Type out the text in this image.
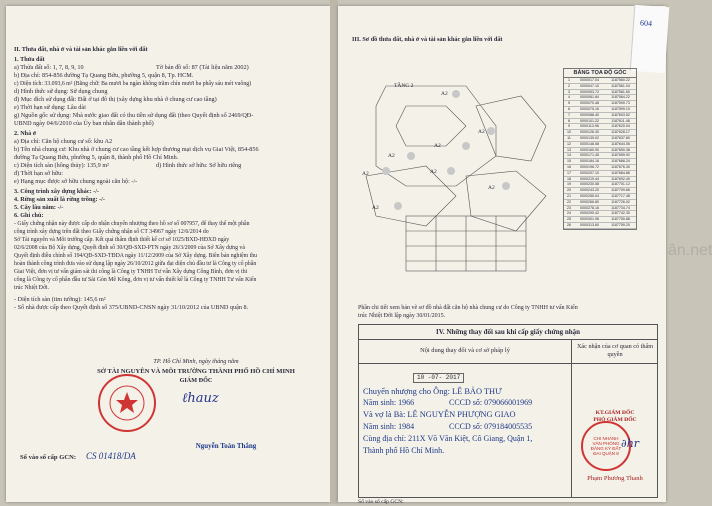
II. Thửa đất, nhà ở và tài sản khác gắn liền với đất
1. Thửa đất
a) Thửa đất số: 1, 7, 8, 9, 10	Tờ bản đồ số: 87 (Tài liệu năm 2002)
b) Địa chỉ: 854-856 đường Tạ Quang Bửu, phường 5, quận 8, Tp. HCM.
c) Diện tích: 33.093,6 m² (Bằng chữ: Ba mươi ba ngàn không trăm chín mươi ba phẩy sáu mét vuông)
d) Hình thức sử dụng: Sử dụng chung
đ) Mục đích sử dụng đất: Đất ở tại đô thị (xây dựng khu nhà ở chung cư cao tầng)
e) Thời hạn sử dụng: Lâu dài
g) Nguồn gốc sử dụng: Nhà nước giao đất có thu tiền sử dụng đất (theo Quyết định số 2469/QĐ-
UBND ngày 04/6/2010 của Ủy ban nhân dân thành phố)
2. Nhà ở
a) Địa chỉ: Căn hộ chung cư số: khu A2
b) Tên nhà chung cư: Khu nhà ở chung cư cao tầng kết hợp thương mại dịch vụ Giai Việt, 854-856
đường Tạ Quang Bửu, phường 5, quận 8, thành phố Hồ Chí Minh.
c) Diện tích sàn (hông thủy): 135,9 m²	d) Hình thức sở hữu: Sở hữu riêng
đ) Thời hạn sở hữu:
e) Hạng mục được sở hữu chung ngoài căn hộ: -/-
3. Công trình xây dựng khác: -/-
4. Rừng sản xuất là rừng trồng: -/-
5. Cây lâu năm: -/-
6. Ghi chú:
- Giấy chứng nhận này được cấp do nhận chuyển nhượng theo hồ sơ số 007957, để thay thế một phần
công trình xây dựng trên đất theo Giấy chứng nhận số CT 34967 ngày 12/6/2014 do
Sở Tài nguyên và Môi trường cấp. Kết quả thẩm định thiết kế cơ sở 1025/BXD-HĐXD ngày
02/6/2008 của Bộ Xây dựng, Quyết định số 30/QĐ-SXD-PTN ngày 26/3/2009 của Sở Xây dựng và
Quyết định điều chỉnh số 194/QĐ-SXD-TĐDA ngày 11/12/2009 của Sở Xây dựng. Biên bản nghiệm thu
hoàn thành công trình đưa vào sử dụng lập ngày 26/10/2012 giữa đại diện chủ đầu tư là Công ty cổ phần
Giai Việt, đơn vị tư vấn giám sát thi công là Công ty TNHH Tư vấn Xây dựng Công Bình, đơn vị thi
công là Công ty cổ phần đầu tư Sài Gòn Mê Kông, đơn vị tư vấn thiết kế là Công ty TNHH Tư vấn Kiến
trúc Nhiệt Đới.
- Diện tích sàn (tim tường): 145,6 m²
- Số nhà được cấp theo Quyết định số 375/UBND-CNSN ngày 31/10/2012 của UBND quận 8.
TP. Hồ Chí Minh, ngày tháng năm
SỞ TÀI NGUYÊN VÀ MÔI TRƯỜNG THÀNH PHỐ HỒ CHÍ MINH
GIÁM ĐỐC
ℓhauz
Nguyễn Toàn Thắng
Số vào sổ cấp GCN: CS 01418/DA
604
III. Sơ đồ thửa đất, nhà ở và tài sản khác gắn liền với đất
TẦNG 2
A2
A2
A2
A2	A2
A2
A2
A2
BẢNG TỌA ĐỘ GÓC
1	0000017.04	1187560.22
2	0000047.10	1187561.04
3	0000053.72	1187581.60
4	0000061.84	1187584.22
5	0000070.48	1187590.73
6	0000075.16	1187599.10
7	0000088.40	1187603.52
8	0000101.22	1187611.48
9	0000113.96	1187620.04
10	0000126.30	1187628.17
11	0000139.02	1187637.80
12	0000148.58	1187644.06
13	0000160.90	1187650.38
14	0000171.45	1187659.92
15	0000184.16	1187668.24
16	0000196.72	1187676.30
17	0000207.10	1187684.86
18	0000219.44	1187692.40
19	0000230.58	1187701.12
20	0000243.20	1187709.66
21	0000255.04	1187717.48
22	0000266.80	1187726.02
23	0000278.16	1187734.74
24	0000290.42	1187742.30
25	0000301.96	1187750.88
26	0000313.60	1187759.20
ân.net
Phần chi tiết xem bản vẽ sơ đồ nhà đất căn hộ nhà chung cư do Công ty TNHH tư vấn Kiến
trúc Nhiệt Đới lập ngày 30/01/2015.
IV. Những thay đổi sau khi cấp giấy chứng nhận
Nội dung thay đổi và cơ sở pháp lý
Xác nhận của cơ quan có thẩm quyền
10 -07- 2017
Chuyển nhượng cho Ông: LÊ BẢO THƯ
Năm sinh: 1966	CCCD số: 079066001969
Và vợ là Bà: LÊ NGUYỄN PHƯỢNG GIAO
Năm sinh: 1984	CCCD số: 079184005535
Cùng địa chỉ: 211X Võ Văn Kiệt, Cô Giang, Quận 1,
Thành phố Hồ Chí Minh.
KT.GIÁM ĐỐC
PHÓ GIÁM ĐỐC
CHI NHÁNH VĂN PHÒNG ĐĂNG KÝ ĐẤT ĐAI QUẬN 8
∂hr
Phạm Phương Thanh
Số vào sổ cấp GCN:
